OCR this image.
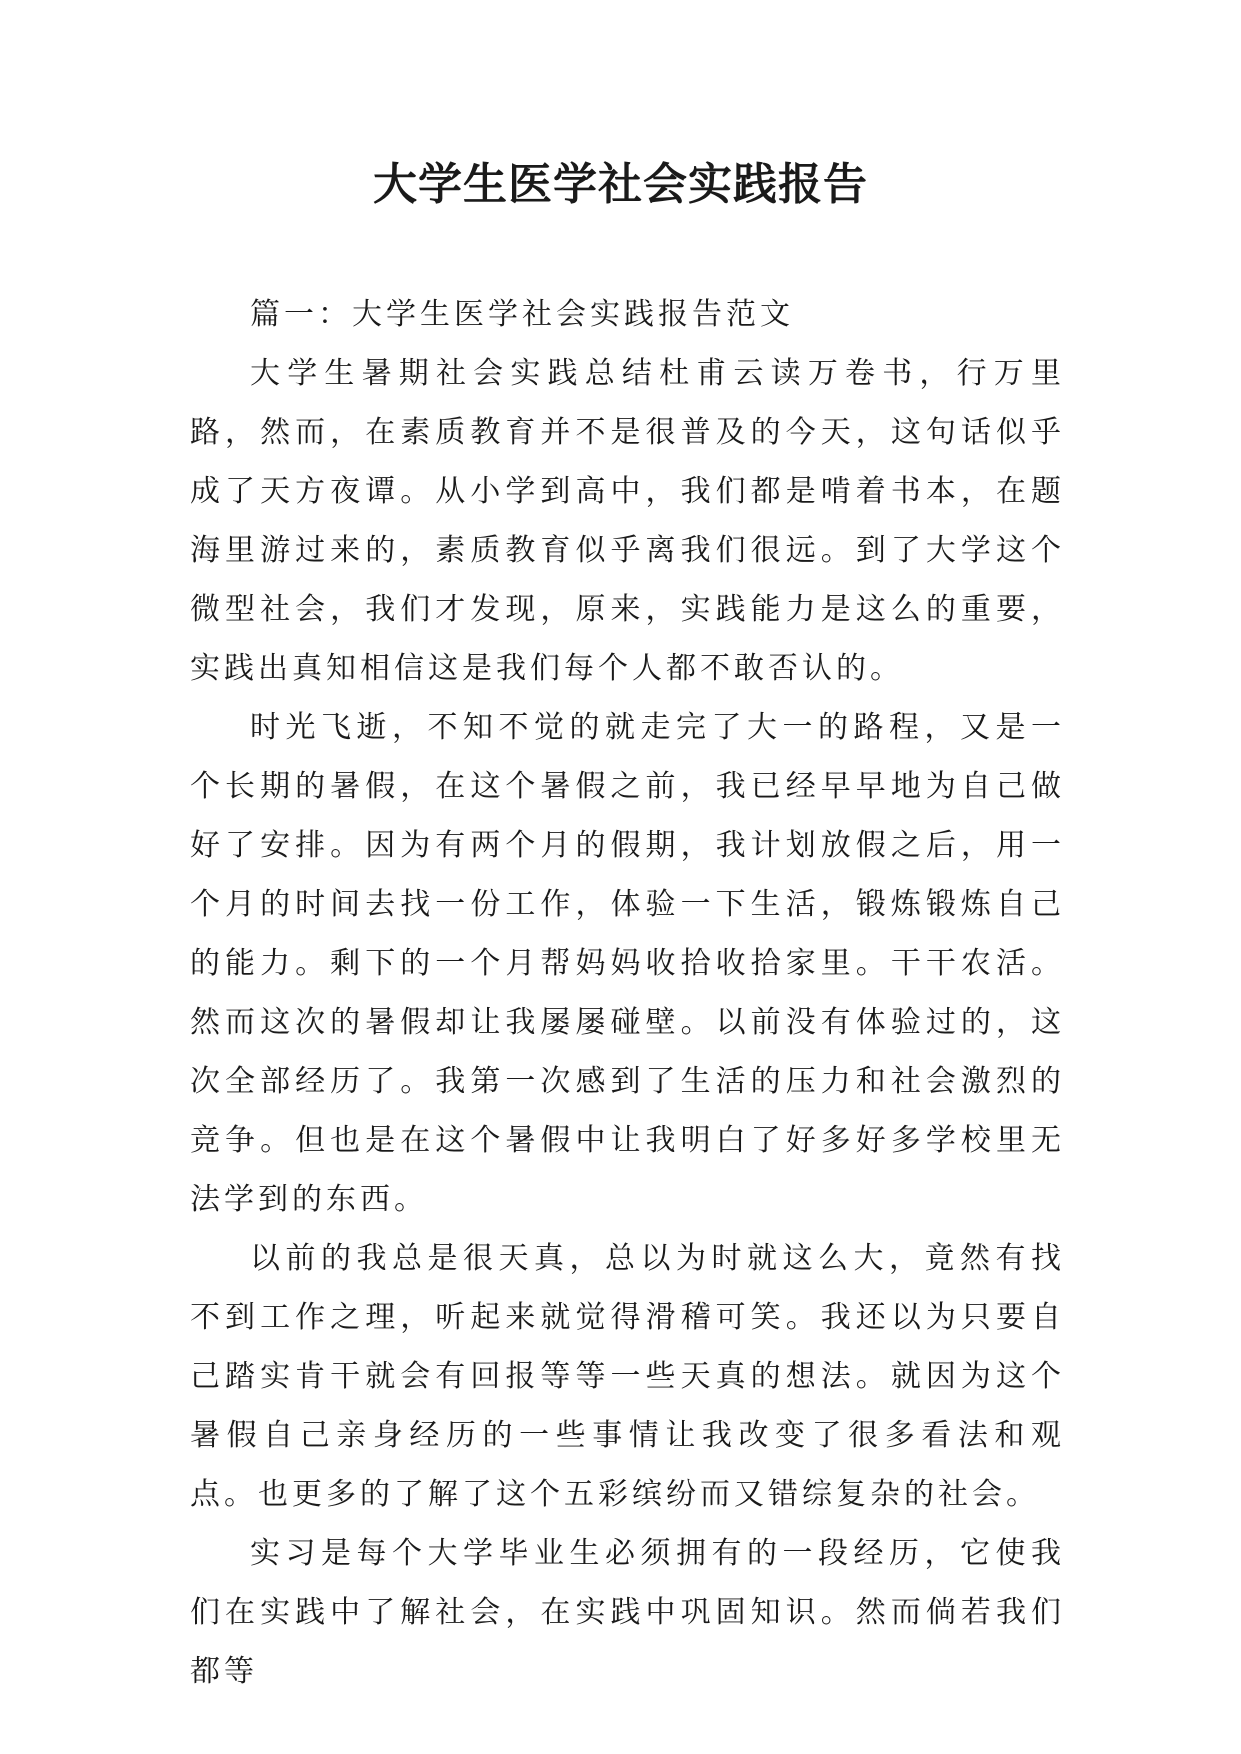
大学生医学社会实践报告

篇一：大学生医学社会实践报告范文

大学生暑期社会实践总结杜甫云读万卷书，行万里路，然而，在素质教育并不是很普及的今天，这句话似乎成了天方夜谭。从小学到高中，我们都是啃着书本，在题海里游过来的，素质教育似乎离我们很远。到了大学这个微型社会，我们才发现，原来，实践能力是这么的重要，实践出真知相信这是我们每个人都不敢否认的。

时光飞逝，不知不觉的就走完了大一的路程，又是一个长期的暑假，在这个暑假之前，我已经早早地为自己做好了安排。因为有两个月的假期，我计划放假之后，用一个月的时间去找一份工作，体验一下生活，锻炼锻炼自己的能力。剩下的一个月帮妈妈收拾收拾家里。干干农活。然而这次的暑假却让我屡屡碰壁。以前没有体验过的，这次全部经历了。我第一次感到了生活的压力和社会激烈的竞争。但也是在这个暑假中让我明白了好多好多学校里无法学到的东西。

以前的我总是很天真，总以为时就这么大，竟然有找不到工作之理，听起来就觉得滑稽可笑。我还以为只要自己踏实肯干就会有回报等等一些天真的想法。就因为这个暑假自己亲身经历的一些事情让我改变了很多看法和观点。也更多的了解了这个五彩缤纷而又错综复杂的社会。

实习是每个大学毕业生必须拥有的一段经历，它使我们在实践中了解社会，在实践中巩固知识。然而倘若我们都等
